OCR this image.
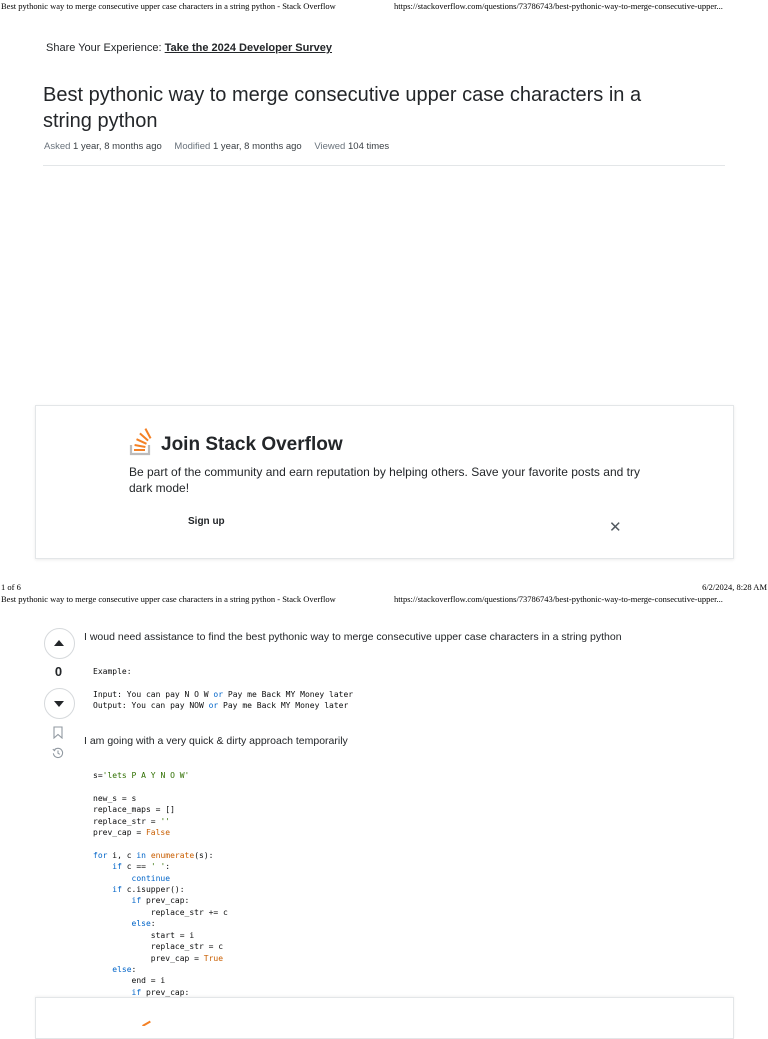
Best pythonic way to merge consecutive upper case characters in a string python - Stack Overflow	https://stackoverflow.com/questions/73786743/best-pythonic-way-to-merge-consecutive-upper...
Share Your Experience: Take the 2024 Developer Survey
Best pythonic way to merge consecutive upper case characters in a string python
Asked 1 year, 8 months ago Modified 1 year, 8 months ago Viewed 104 times
Join Stack Overflow
Be part of the community and earn reputation by helping others. Save your favorite posts and try dark mode!
Sign up	✕
1 of 6	6/2/2024, 8:28 AM
Best pythonic way to merge consecutive upper case characters in a string python - Stack Overflow	https://stackoverflow.com/questions/73786743/best-pythonic-way-to-merge-consecutive-upper...
0
I woud need assistance to find the best pythonic way to merge consecutive upper case characters in a string python
Example:

Input: You can pay N O W or Pay me Back MY Money later
Output: You can pay NOW or Pay me Back MY Money later
I am going with a very quick & dirty approach temporarily
s='lets P A Y N O W'

new_s = s
replace_maps = []
replace_str = ''
prev_cap = False

for i, c in enumerate(s):
if c == ' ':
continue
if c.isupper():
if prev_cap:
replace_str += c
else:
start = i
replace_str = c
prev_cap = True
else:
end = i
if prev_cap:
